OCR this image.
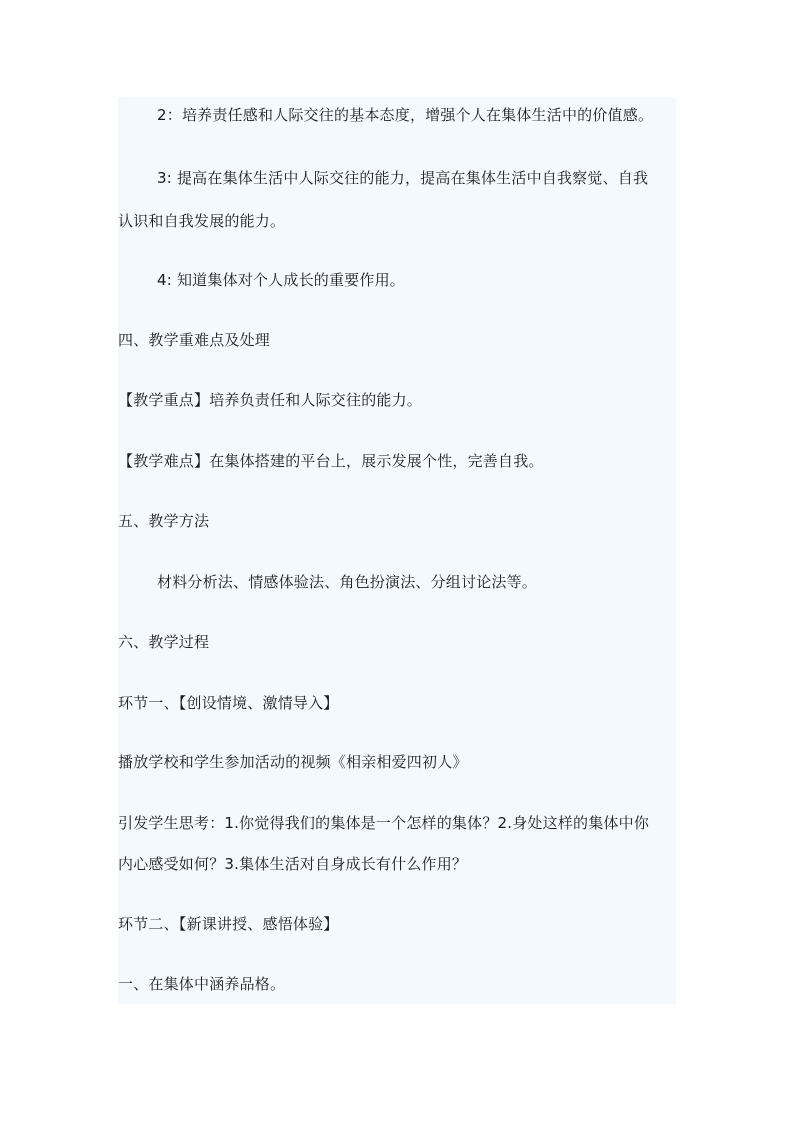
2：培养责任感和人际交往的基本态度，增强个人在集体生活中的价值感。
3: 提高在集体生活中人际交往的能力，提高在集体生活中自我察觉、自我
认识和自我发展的能力。
4: 知道集体对个人成长的重要作用。
四、教学重难点及处理
【教学重点】培养负责任和人际交往的能力。
【教学难点】在集体搭建的平台上，展示发展个性，完善自我。
五、教学方法
材料分析法、情感体验法、角色扮演法、分组讨论法等。
六、教学过程
环节一、【创设情境、激情导入】
播放学校和学生参加活动的视频《相亲相爱四初人》
引发学生思考：1.你觉得我们的集体是一个怎样的集体？2.身处这样的集体中你
内心感受如何？3.集体生活对自身成长有什么作用？
环节二、【新课讲授、感悟体验】
一、在集体中涵养品格。
